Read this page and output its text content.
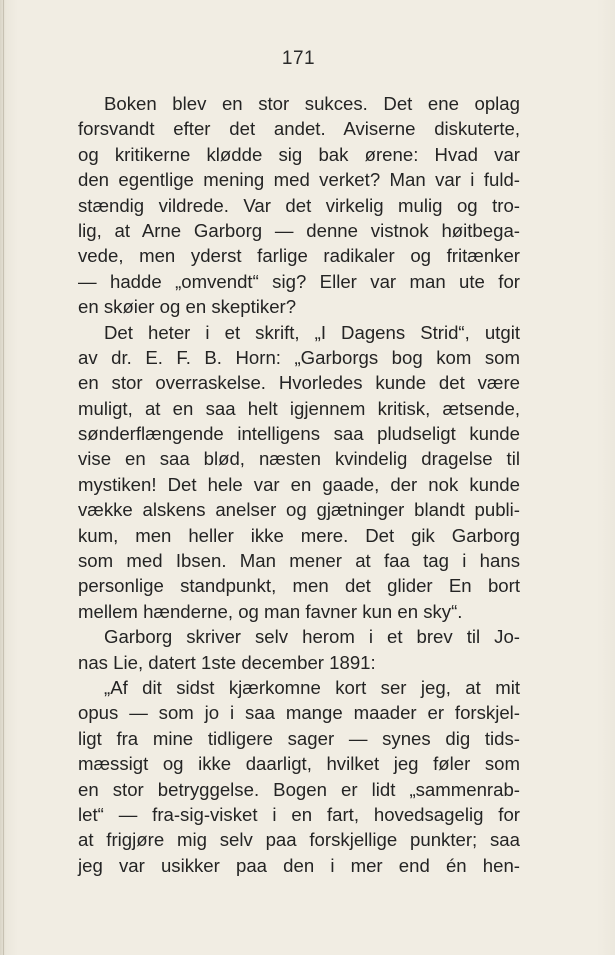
171
Boken blev en stor sukces. Det ene oplag
forsvandt efter det andet. Aviserne diskuterte,
og kritikerne klødde sig bak ørene: Hvad var
den egentlige mening med verket? Man var i fuld-
stændig vildrede. Var det virkelig mulig og tro-
lig, at Arne Garborg — denne vistnok høitbega-
vede, men yderst farlige radikaler og fritænker
— hadde „omvendt“ sig? Eller var man ute for
en skøier og en skeptiker?
Det heter i et skrift, „I Dagens Strid“, utgit
av dr. E. F. B. Horn: „Garborgs bog kom som
en stor overraskelse. Hvorledes kunde det være
muligt, at en saa helt igjennem kritisk, ætsende,
sønderflængende intelligens saa pludseligt kunde
vise en saa blød, næsten kvindelig dragelse til
mystiken! Det hele var en gaade, der nok kunde
vække alskens anelser og gjætninger blandt publi-
kum, men heller ikke mere. Det gik Garborg
som med Ibsen. Man mener at faa tag i hans
personlige standpunkt, men det glider En bort
mellem hænderne, og man favner kun en sky“.
Garborg skriver selv herom i et brev til Jo-
nas Lie, datert 1ste december 1891:
„Af dit sidst kjærkomne kort ser jeg, at mit
opus — som jo i saa mange maader er forskjel-
ligt fra mine tidligere sager — synes dig tids-
mæssigt og ikke daarligt, hvilket jeg føler som
en stor betryggelse. Bogen er lidt „sammenrab-
let“ — fra-sig-visket i en fart, hovedsagelig for
at frigjøre mig selv paa forskjellige punkter; saa
jeg var usikker paa den i mer end én hen-
